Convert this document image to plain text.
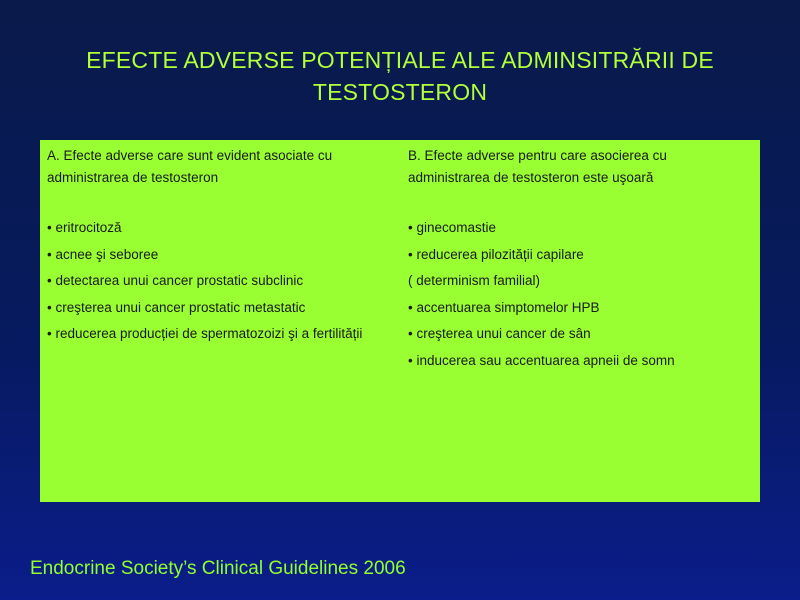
EFECTE ADVERSE POTENȚIALE ALE ADMINSITRĂRII DE
TESTOSTERON
A. Efecte adverse care sunt evident asociate cu
administrarea de testosteron
• eritrocitoză
• acnee şi seboree
• detectarea unui cancer prostatic subclinic
• creşterea unui cancer prostatic metastatic
• reducerea producției de spermatozoizi şi a fertilității
B. Efecte adverse pentru care asocierea cu
administrarea de testosteron este uşoară
• ginecomastie
• reducerea pilozității capilare
( determinism familial)
• accentuarea simptomelor HPB
• creşterea unui cancer de sân
• inducerea sau accentuarea apneii de somn
Endocrine Society’s Clinical Guidelines 2006
